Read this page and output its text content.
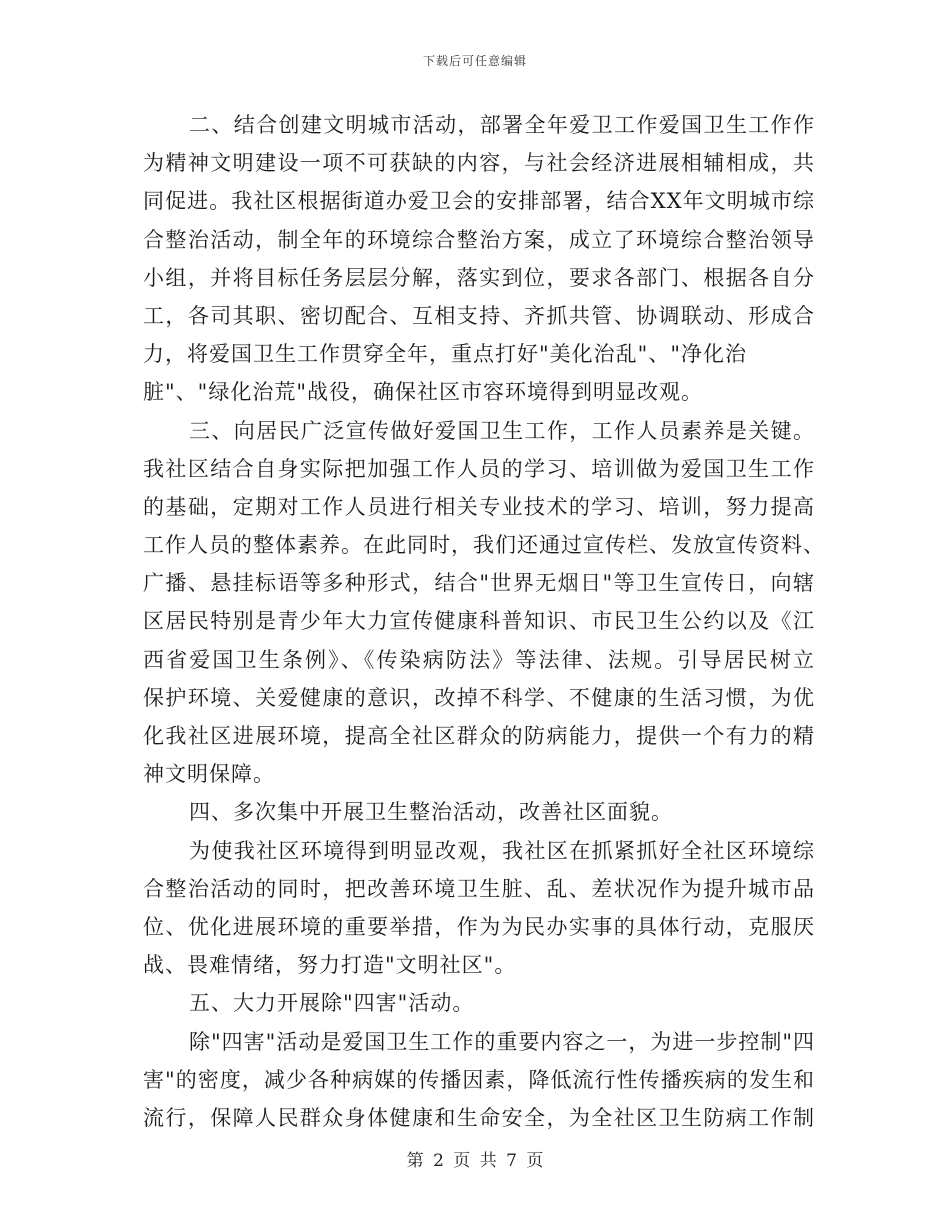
下载后可任意编辑
二、结合创建文明城市活动，部署全年爱卫工作爱国卫生工作作
为精神文明建设一项不可获缺的内容，与社会经济进展相辅相成，共
同促进。我社区根据街道办爱卫会的安排部署，结合XX年文明城市综
合整治活动，制全年的环境综合整治方案，成立了环境综合整治领导
小组，并将目标任务层层分解，落实到位，要求各部门、根据各自分
工，各司其职、密切配合、互相支持、齐抓共管、协调联动、形成合
力，将爱国卫生工作贯穿全年，重点打好"美化治乱"、"净化治
脏"、"绿化治荒"战役，确保社区市容环境得到明显改观。
三、向居民广泛宣传做好爱国卫生工作，工作人员素养是关键。
我社区结合自身实际把加强工作人员的学习、培训做为爱国卫生工作
的基础，定期对工作人员进行相关专业技术的学习、培训，努力提高
工作人员的整体素养。在此同时，我们还通过宣传栏、发放宣传资料、
广播、悬挂标语等多种形式，结合"世界无烟日"等卫生宣传日，向辖
区居民特别是青少年大力宣传健康科普知识、市民卫生公约以及《江
西省爱国卫生条例》、《传染病防法》等法律、法规。引导居民树立
保护环境、关爱健康的意识，改掉不科学、不健康的生活习惯，为优
化我社区进展环境，提高全社区群众的防病能力，提供一个有力的精
神文明保障。
四、多次集中开展卫生整治活动，改善社区面貌。
为使我社区环境得到明显改观，我社区在抓紧抓好全社区环境综
合整治活动的同时，把改善环境卫生脏、乱、差状况作为提升城市品
位、优化进展环境的重要举措，作为为民办实事的具体行动，克服厌
战、畏难情绪，努力打造"文明社区"。
五、大力开展除"四害"活动。
除"四害"活动是爱国卫生工作的重要内容之一，为进一步控制"四
害"的密度，减少各种病媒的传播因素，降低流行性传播疾病的发生和
流行，保障人民群众身体健康和生命安全，为全社区卫生防病工作制
第 2 页 共 7 页
